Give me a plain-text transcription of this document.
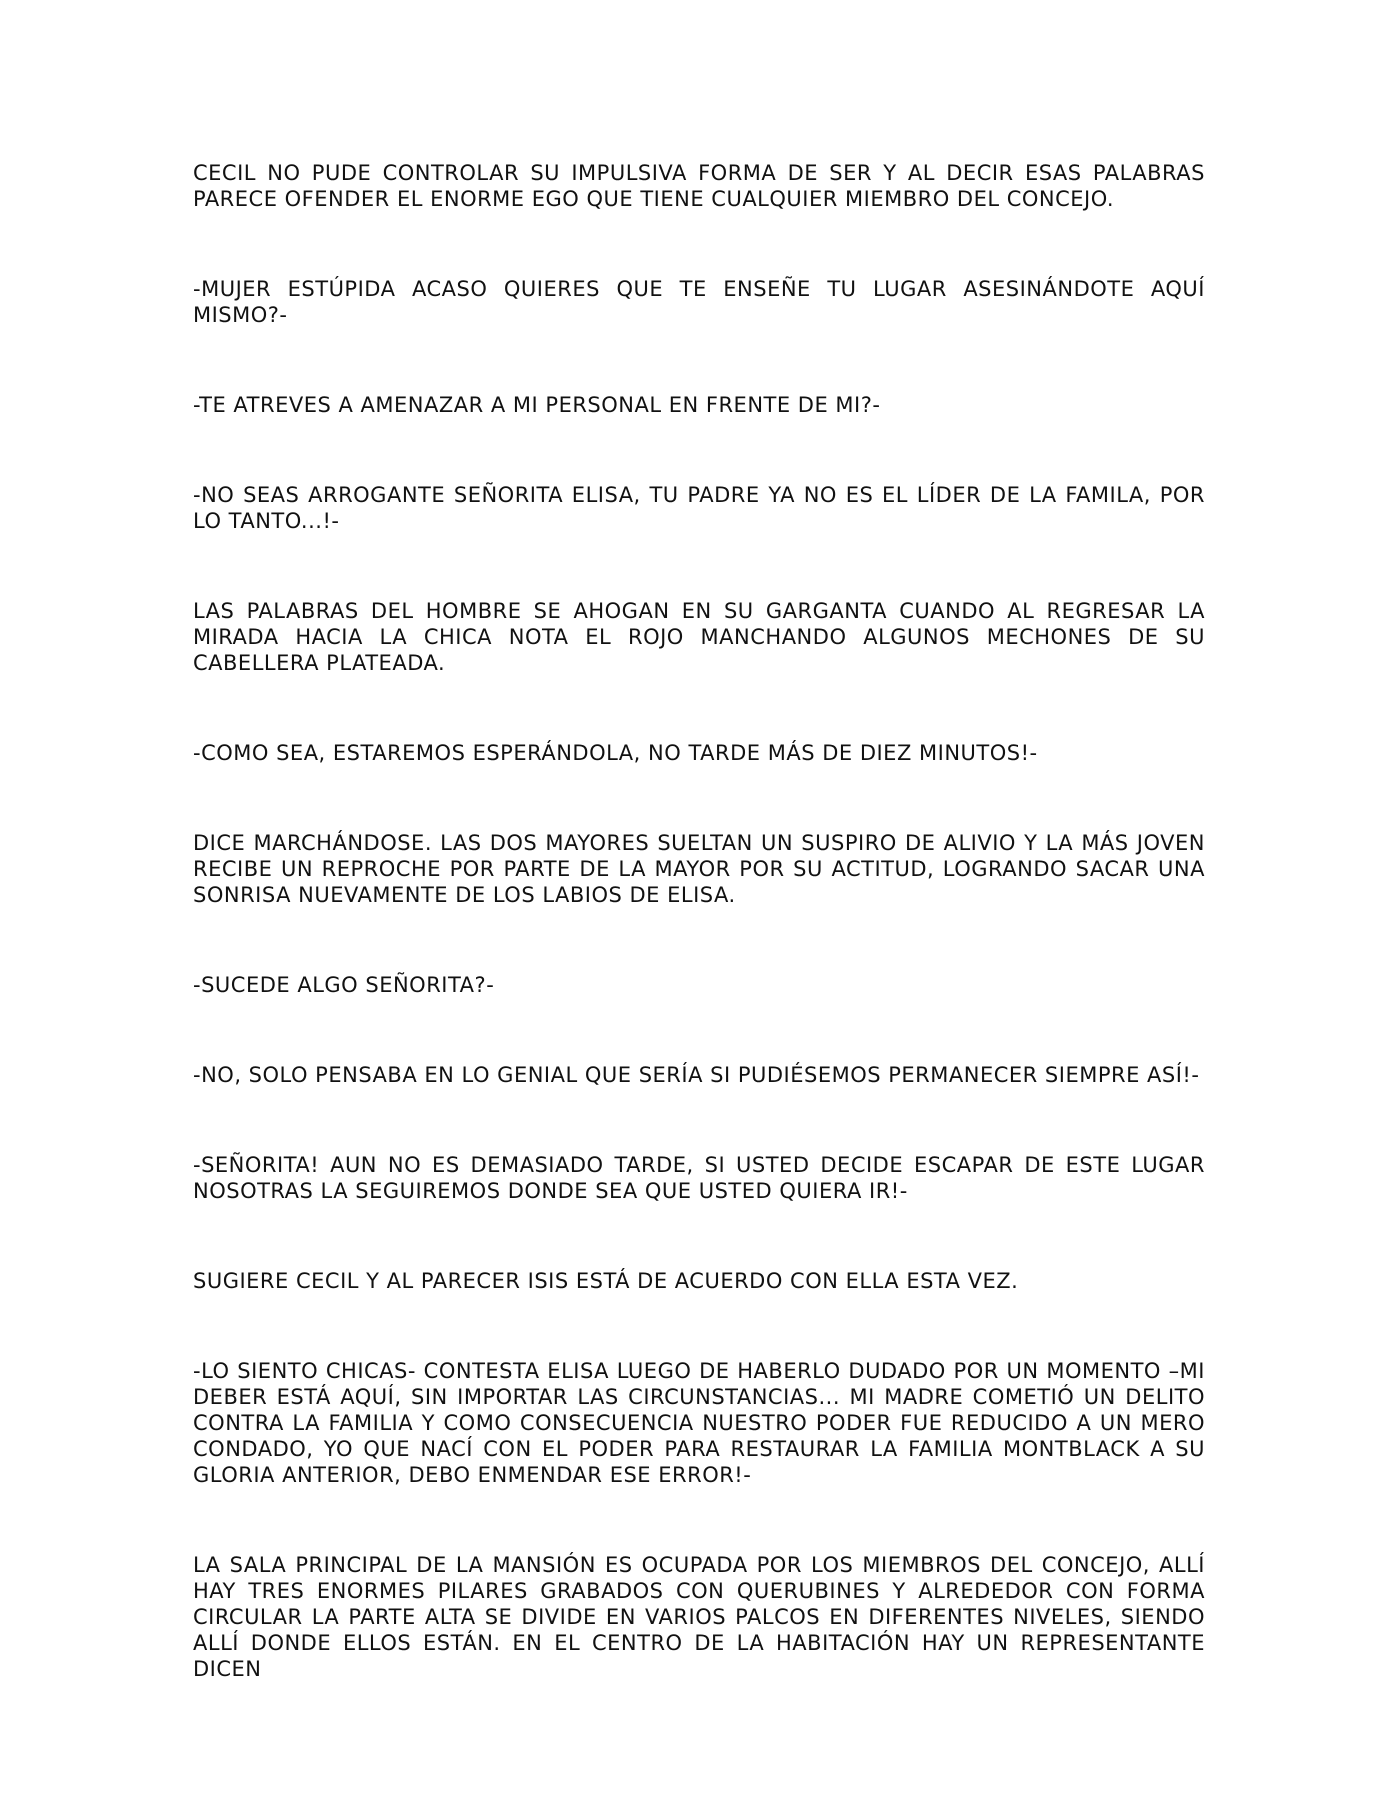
CECIL NO PUDE CONTROLAR SU IMPULSIVA FORMA DE SER Y AL DECIR ESAS PALABRAS PARECE OFENDER EL ENORME EGO QUE TIENE CUALQUIER MIEMBRO DEL CONCEJO.

-MUJER ESTÚPIDA ACASO QUIERES QUE TE ENSEÑE TU LUGAR ASESINÁNDOTE AQUÍ MISMO?-

-TE ATREVES A AMENAZAR A MI PERSONAL EN FRENTE DE MI?-

-NO SEAS ARROGANTE SEÑORITA ELISA, TU PADRE YA NO ES EL LÍDER DE LA FAMILA, POR LO TANTO...!-

LAS PALABRAS DEL HOMBRE SE AHOGAN EN SU GARGANTA CUANDO AL REGRESAR LA MIRADA HACIA LA CHICA NOTA EL ROJO MANCHANDO ALGUNOS MECHONES DE SU CABELLERA PLATEADA.

-COMO SEA, ESTAREMOS ESPERÁNDOLA, NO TARDE MÁS DE DIEZ MINUTOS!-

DICE MARCHÁNDOSE. LAS DOS MAYORES SUELTAN UN SUSPIRO DE ALIVIO Y LA MÁS JOVEN RECIBE UN REPROCHE POR PARTE DE LA MAYOR POR SU ACTITUD, LOGRANDO SACAR UNA SONRISA NUEVAMENTE DE LOS LABIOS DE ELISA.

-SUCEDE ALGO SEÑORITA?-

-NO, SOLO PENSABA EN LO GENIAL QUE SERÍA SI PUDIÉSEMOS PERMANECER SIEMPRE ASÍ!-

-SEÑORITA! AUN NO ES DEMASIADO TARDE, SI USTED DECIDE ESCAPAR DE ESTE LUGAR NOSOTRAS LA SEGUIREMOS DONDE SEA QUE USTED QUIERA IR!-

SUGIERE CECIL Y AL PARECER ISIS ESTÁ DE ACUERDO CON ELLA ESTA VEZ.

-LO SIENTO CHICAS- CONTESTA ELISA LUEGO DE HABERLO DUDADO POR UN MOMENTO –MI DEBER ESTÁ AQUÍ, SIN IMPORTAR LAS CIRCUNSTANCIAS... MI MADRE COMETIÓ UN DELITO CONTRA LA FAMILIA Y COMO CONSECUENCIA NUESTRO PODER FUE REDUCIDO A UN MERO CONDADO, YO QUE NACÍ CON EL PODER PARA RESTAURAR LA FAMILIA MONTBLACK A SU GLORIA ANTERIOR, DEBO ENMENDAR ESE ERROR!-

LA SALA PRINCIPAL DE LA MANSIÓN ES OCUPADA POR LOS MIEMBROS DEL CONCEJO, ALLÍ HAY TRES ENORMES PILARES GRABADOS CON QUERUBINES Y ALREDEDOR CON FORMA CIRCULAR LA PARTE ALTA SE DIVIDE EN VARIOS PALCOS EN DIFERENTES NIVELES, SIENDO ALLÍ DONDE ELLOS ESTÁN. EN EL CENTRO DE LA HABITACIÓN HAY UN REPRESENTANTE DICEN
